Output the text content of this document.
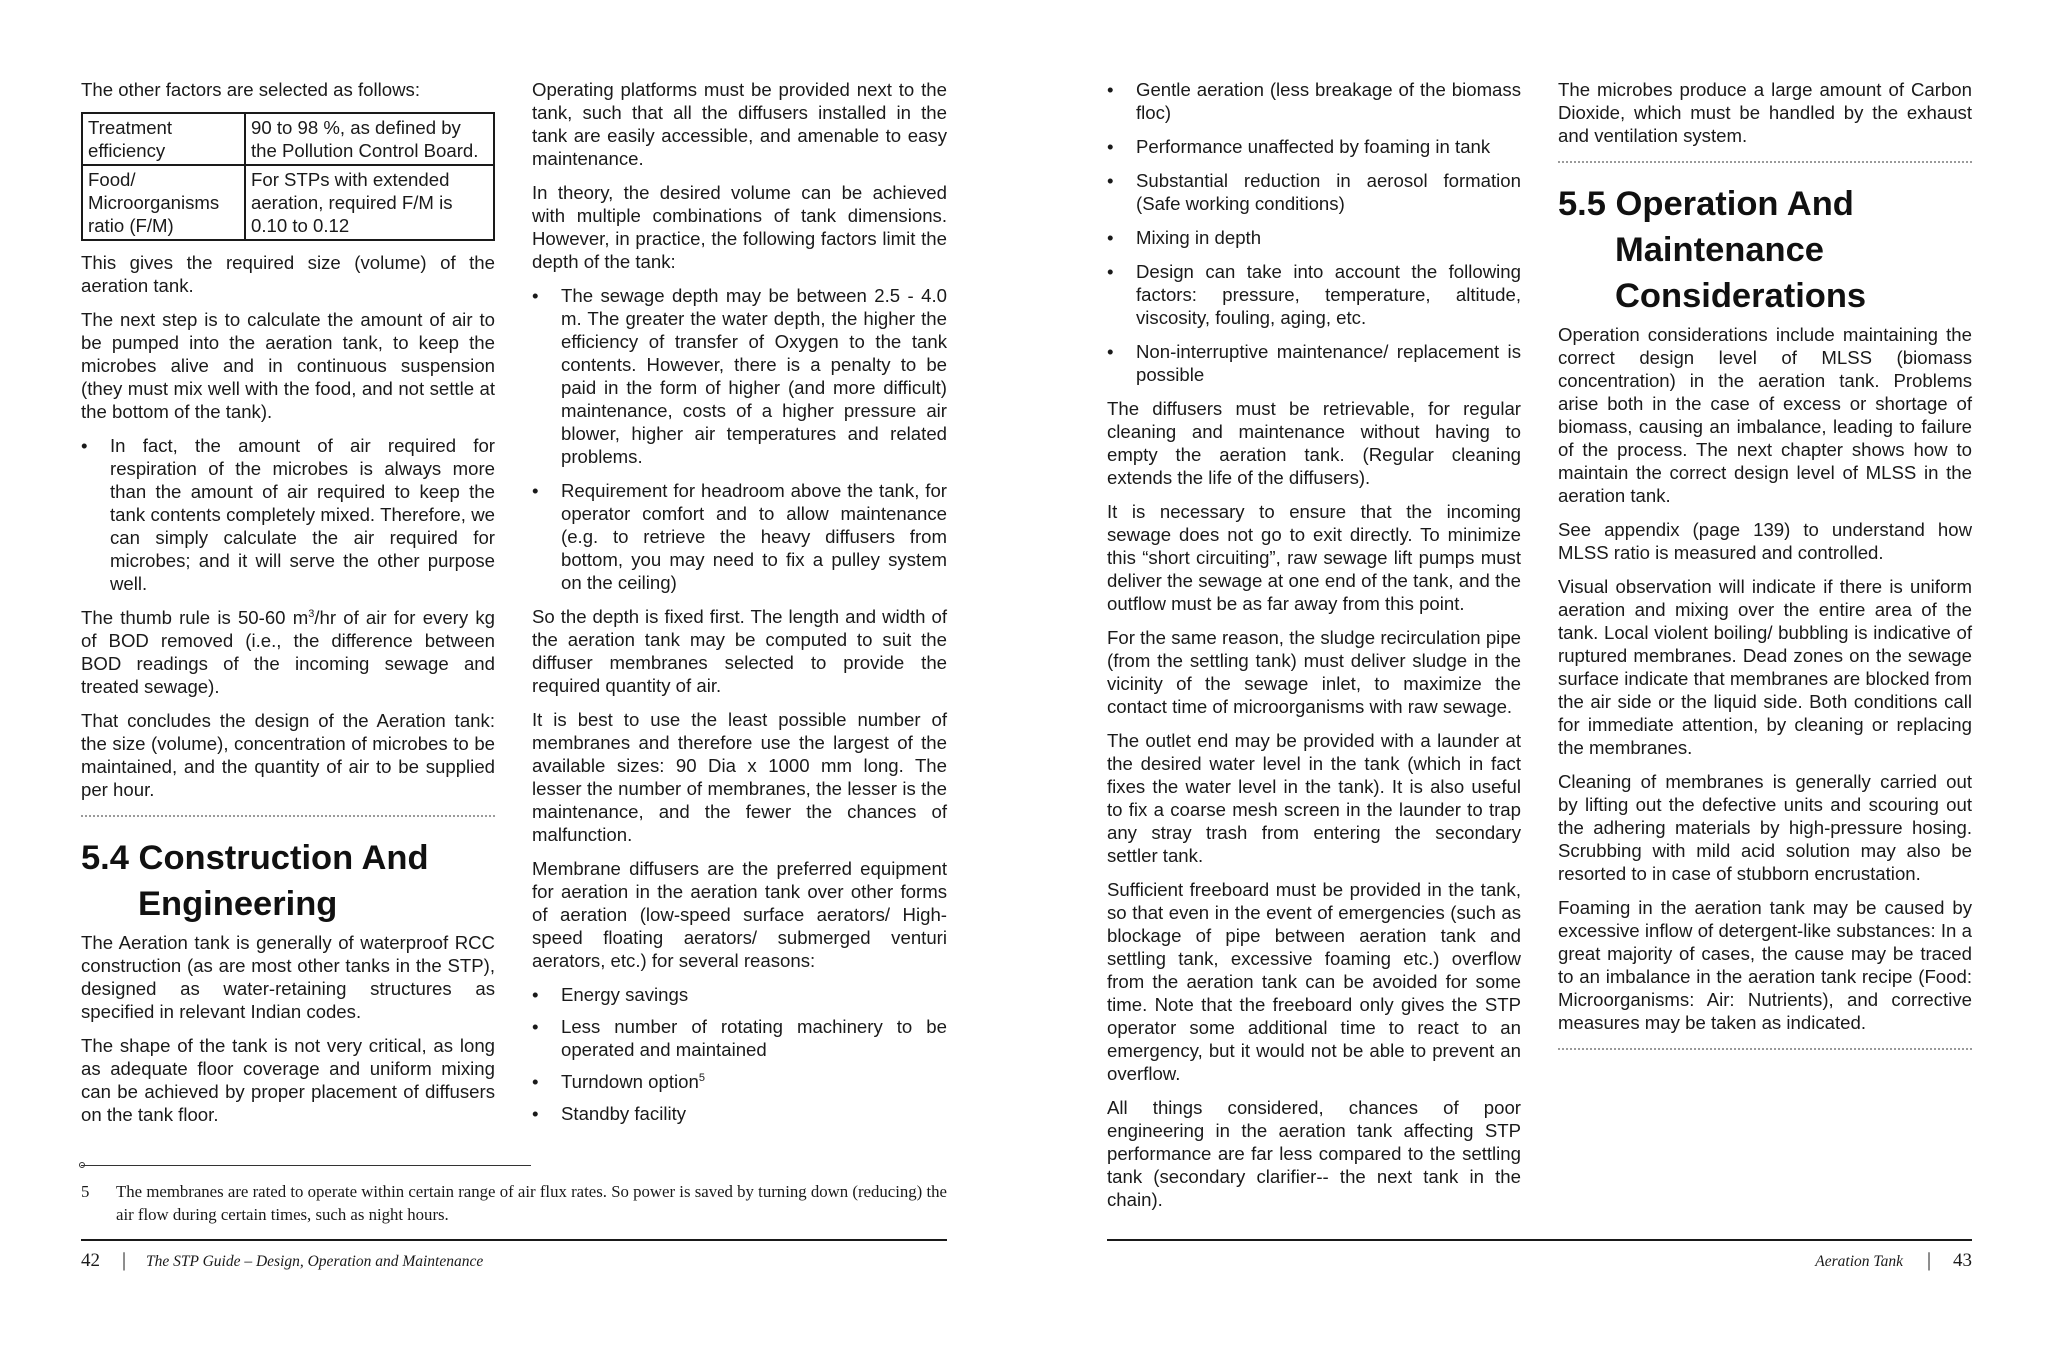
The other factors are selected as follows:

Treatment efficiency	90 to 98 %, as defined by the Pollution Control Board.
Food/ Microorganisms ratio (F/M)	For STPs with extended aeration, required F/M is 0.10 to 0.12

This gives the required size (volume) of the aeration tank.

The next step is to calculate the amount of air to be pumped into the aeration tank, to keep the microbes alive and in continuous suspension (they must mix well with the food, and not settle at the bottom of the tank).

• In fact, the amount of air required for respiration of the microbes is always more than the amount of air required to keep the tank contents completely mixed. Therefore, we can simply calculate the air required for microbes; and it will serve the other purpose well.

The thumb rule is 50-60 $m^3/hr$ of air for every kg of BOD removed (i.e., the difference between BOD readings of the incoming sewage and treated sewage).

That concludes the design of the Aeration tank: the size (volume), concentration of microbes to be maintained, and the quantity of air to be supplied per hour.

5.4 Construction And Engineering

The Aeration tank is generally of waterproof RCC construction (as are most other tanks in the STP), designed as water-retaining structures as specified in relevant Indian codes.

The shape of the tank is not very critical, as long as adequate floor coverage and uniform mixing can be achieved by proper placement of diffusers on the tank floor.

Operating platforms must be provided next to the tank, such that all the diffusers installed in the tank are easily accessible, and amenable to easy maintenance.

In theory, the desired volume can be achieved with multiple combinations of tank dimensions. However, in practice, the following factors limit the depth of the tank:

• The sewage depth may be between 2.5 - 4.0 m. The greater the water depth, the higher the efficiency of transfer of Oxygen to the tank contents. However, there is a penalty to be paid in the form of higher (and more difficult) maintenance, costs of a higher pressure air blower, higher air temperatures and related problems.
• Requirement for headroom above the tank, for operator comfort and to allow maintenance (e.g. to retrieve the heavy diffusers from bottom, you may need to fix a pulley system on the ceiling)

So the depth is fixed first. The length and width of the aeration tank may be computed to suit the diffuser membranes selected to provide the required quantity of air.

It is best to use the least possible number of membranes and therefore use the largest of the available sizes: 90 Dia x 1000 mm long. The lesser the number of membranes, the lesser is the maintenance, and the fewer the chances of malfunction.

Membrane diffusers are the preferred equipment for aeration in the aeration tank over other forms of aeration (low-speed surface aerators/ High-speed floating aerators/ submerged venturi aerators, etc.) for several reasons:

• Energy savings
• Less number of rotating machinery to be operated and maintained
• Turndown option$^5$
• Standby facility
5 The membranes are rated to operate within certain range of air flux rates. So power is saved by turning down (reducing) the air flow during certain times, such as night hours.
42 | The STP Guide – Design, Operation and Maintenance
• Gentle aeration (less breakage of the biomass floc)
• Performance unaffected by foaming in tank
• Substantial reduction in aerosol formation (Safe working conditions)
• Mixing in depth
• Design can take into account the following factors: pressure, temperature, altitude, viscosity, fouling, aging, etc.
• Non-interruptive maintenance/ replacement is possible

The diffusers must be retrievable, for regular cleaning and maintenance without having to empty the aeration tank. (Regular cleaning extends the life of the diffusers).

It is necessary to ensure that the incoming sewage does not go to exit directly. To minimize this “short circuiting”, raw sewage lift pumps must deliver the sewage at one end of the tank, and the outflow must be as far away from this point.

For the same reason, the sludge recirculation pipe (from the settling tank) must deliver sludge in the vicinity of the sewage inlet, to maximize the contact time of microorganisms with raw sewage.

The outlet end may be provided with a launder at the desired water level in the tank (which in fact fixes the water level in the tank). It is also useful to fix a coarse mesh screen in the launder to trap any stray trash from entering the secondary settler tank.

Sufficient freeboard must be provided in the tank, so that even in the event of emergencies (such as blockage of pipe between aeration tank and settling tank, excessive foaming etc.) overflow from the aeration tank can be avoided for some time. Note that the freeboard only gives the STP operator some additional time to react to an emergency, but it would not be able to prevent an overflow.

All things considered, chances of poor engineering in the aeration tank affecting STP performance are far less compared to the settling tank (secondary clarifier-- the next tank in the chain).

The microbes produce a large amount of Carbon Dioxide, which must be handled by the exhaust and ventilation system.

5.5 Operation And Maintenance Considerations

Operation considerations include maintaining the correct design level of MLSS (biomass concentration) in the aeration tank. Problems arise both in the case of excess or shortage of biomass, causing an imbalance, leading to failure of the process. The next chapter shows how to maintain the correct design level of MLSS in the aeration tank.

See appendix (page 139) to understand how MLSS ratio is measured and controlled.

Visual observation will indicate if there is uniform aeration and mixing over the entire area of the tank. Local violent boiling/ bubbling is indicative of ruptured membranes. Dead zones on the sewage surface indicate that membranes are blocked from the air side or the liquid side. Both conditions call for immediate attention, by cleaning or replacing the membranes.

Cleaning of membranes is generally carried out by lifting out the defective units and scouring out the adhering materials by high-pressure hosing. Scrubbing with mild acid solution may also be resorted to in case of stubborn encrustation.

Foaming in the aeration tank may be caused by excessive inflow of detergent-like substances: In a great majority of cases, the cause may be traced to an imbalance in the aeration tank recipe (Food: Microorganisms: Air: Nutrients), and corrective measures may be taken as indicated.

Aeration Tank | 43
